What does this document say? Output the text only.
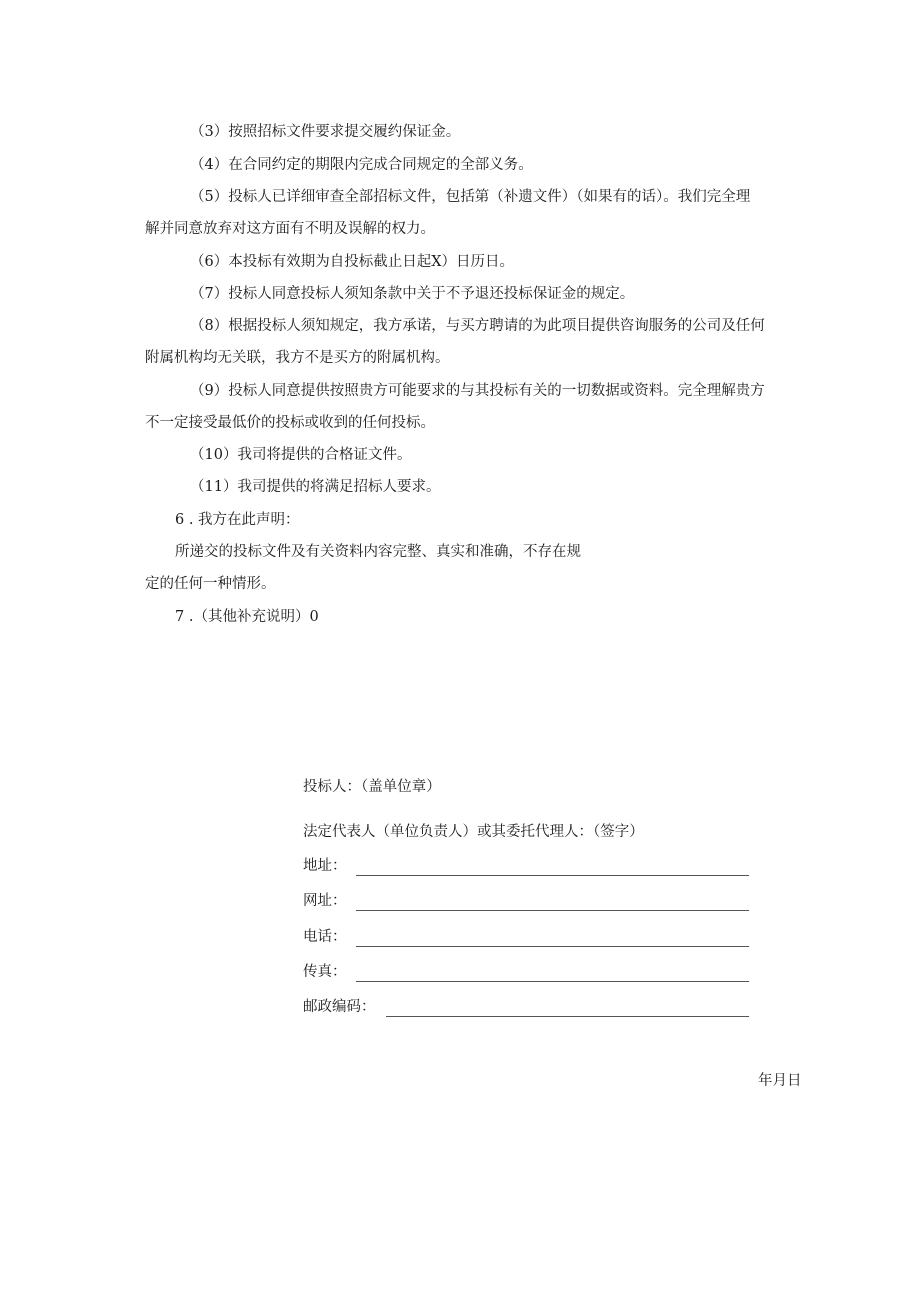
（3）按照招标文件要求提交履约保证金。
（4）在合同约定的期限内完成合同规定的全部义务。
（5）投标人已详细审查全部招标文件，包括第（补遗文件）（如果有的话）。我们完全理
解并同意放弃对这方面有不明及误解的权力。
（6）本投标有效期为自投标截止日起X）日历日。
（7）投标人同意投标人须知条款中关于不予退还投标保证金的规定。
（8）根据投标人须知规定，我方承诺，与买方聘请的为此项目提供咨询服务的公司及任何
附属机构均无关联，我方不是买方的附属机构。
（9）投标人同意提供按照贵方可能要求的与其投标有关的一切数据或资料。完全理解贵方
不一定接受最低价的投标或收到的任何投标。
（10）我司将提供的合格证文件。
（11）我司提供的将满足招标人要求。
6 . 我方在此声明：
所递交的投标文件及有关资料内容完整、真实和准确，不存在规
定的任何一种情形。
7 .（其他补充说明）0
投标人：（盖单位章）
法定代表人（单位负责人）或其委托代理人：（签字）
地址：
网址：
电话：
传真：
邮政编码：
年月日
